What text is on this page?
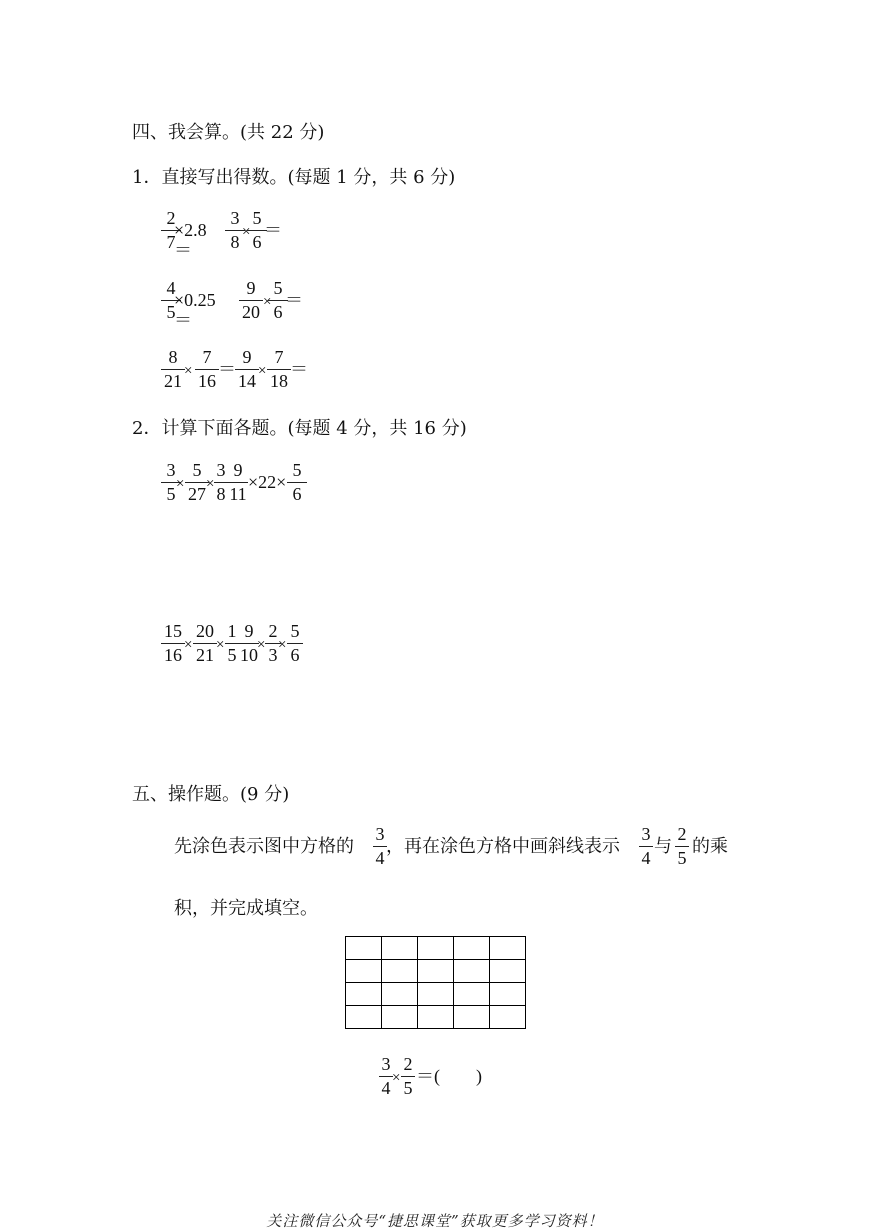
四、我会算。(共 22 分)
1．直接写出得数。(每题 1 分，共 6 分)
2
7
×2.8＝
3
8 ×
5
6
＝
4
5
×0.25＝
9
20 ×
5
6
＝
8
21 ×
7
16
＝
9
14 ×
7
18
＝
2．计算下面各题。(每题 4 分，共 16 分)
3
5 ×
5
27 ×
3
8
9
11
×22×
5
6
15
16 ×
20
21 ×
1
5
9
10 ×
2
3 ×
5
6
五、操作题。(9 分)
先涂色表示图中方格的
3
4
，再在涂色方格中画斜线表示
3
4
与
2
5
的乘
积，并完成填空。

3
4 ×
2
5
＝(　　)
关注微信公众号“捷思课堂”获取更多学习资料！
